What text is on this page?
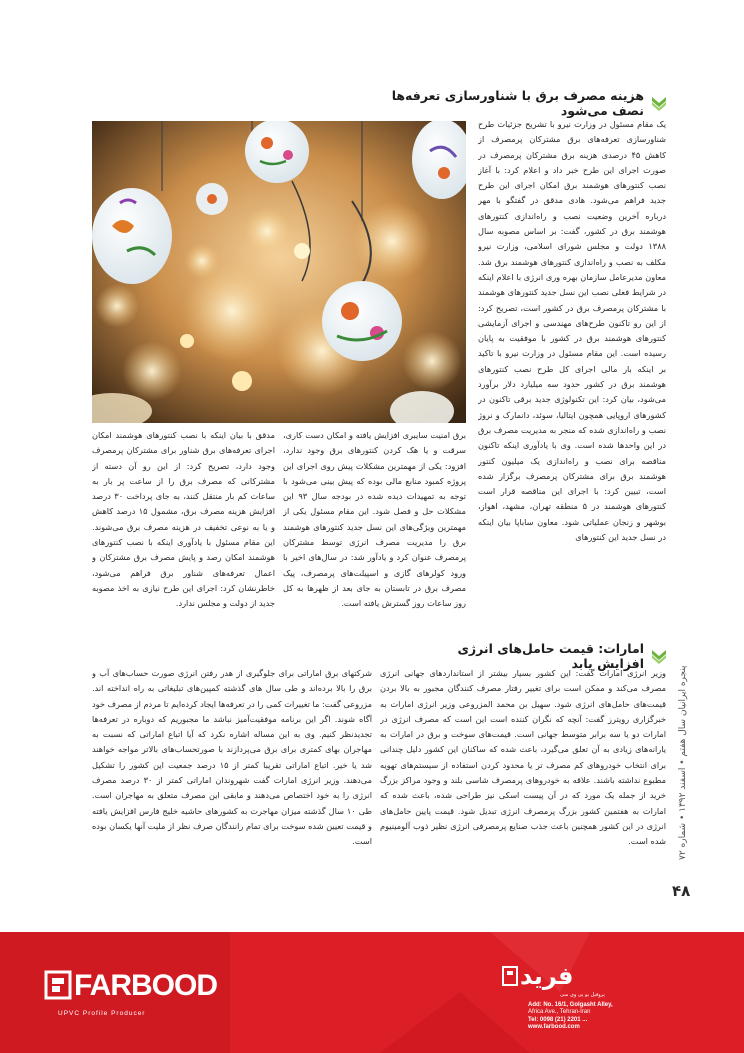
هزینه مصرف برق با شناورسازی تعرفه‌ها نصف می‌شود

یک مقام مسئول در وزارت نیرو با تشریح جزئیات طرح شناورسازی تعرفه‌های برق مشترکان پرمصرف از کاهش ۴۵ درصدی هزینه برق مشترکان پرمصرف در صورت اجرای این طرح خبر داد و اعلام کرد: با آغاز نصب کنتورهای هوشمند برق امکان اجرای این طرح جدید فراهم می‌شود. هادی مدقق در گفتگو با مهر درباره آخرین وضعیت نصب و راه‌اندازی کنتورهای هوشمند برق در کشور، گفت: بر اساس مصوبه سال ۱۳۸۸ دولت و مجلس شورای اسلامی، وزارت نیرو مکلف به نصب و راه‌اندازی کنتورهای هوشمند برق شد. معاون مدیرعامل سازمان بهره وری انرژی با اعلام اینکه در شرایط فعلی نصب این نسل جدید کنتورهای هوشمند با مشترکان پرمصرف برق در کشور است، تصریح کرد: از این رو تاکنون طرح‌های مهندسی و اجرای آزمایشی کنتورهای هوشمند برق در کشور با موفقیت به پایان رسیده است. این مقام مسئول در وزارت نیرو با تاکید بر اینکه بار مالی اجرای کل طرح نصب کنتورهای هوشمند برق در کشور حدود سه میلیارد دلار برآورد می‌شود، بیان کرد: این تکنولوژی جدید برقی تاکنون در کشورهای اروپایی همچون ایتالیا، سوئد، دانمارک و نروژ نصب و راه‌اندازی شده که منجر به مدیریت مصرف برق در این واحدها شده است. وی با یادآوری اینکه تاکنون مناقصه برای نصب و راه‌اندازی یک میلیون کنتور هوشمند برق برای مشترکان پرمصرف برگزار شده است، تبیین کرد: با اجرای این مناقصه قرار است کنتورهای هوشمند در ۵ منطقه تهران، مشهد، اهواز، بوشهر و زنجان عملیاتی شود. معاون ساباپا بیان اینکه در نسل جدید این کنتورهای

برق امنیت سایبری افزایش یافته و امکان دست کاری، سرقت و یا هک کردن کنتورهای برق وجود ندارد، افزود: یکی از مهمترین مشکلات پیش روی اجرای این پروژه کمبود منابع مالی بوده که پیش بینی می‌شود با توجه به تمهیدات دیده شده در بودجه سال ۹۳ این مشکلات حل و فصل شود. این مقام مسئول یکی از مهمترین ویژگی‌های این نسل جدید کنتورهای هوشمند برق را مدیریت مصرف انرژی توسط مشترکان پرمصرف عنوان کرد و یادآور شد: در سال‌های اخیر با ورود کولرهای گازی و اسپیلت‌های پرمصرف، پیک مصرف برق در تابستان به جای بعد از ظهرها به کل روز ساعات روز گسترش یافته است.

مدقق با بیان اینکه با نصب کنتورهای هوشمند امکان اجرای تعرفه‌های برق شناور برای مشترکان پرمصرف وجود دارد، تصریح کرد: از این رو آن دسته از مشترکانی که مصرف برق را از ساعت پر بار به ساعات کم بار منتقل کنند، به جای پرداخت ۳۰ درصد افزایش هزینه مصرف برق، مشمول ۱۵ درصد کاهش و یا به نوعی تخفیف در هزینه مصرف برق می‌شوند. این مقام مسئول با یادآوری اینکه با نصب کنتورهای هوشمند امکان رصد و پایش مصرف برق مشترکان و اعمال تعرفه‌های شناور برق فراهم می‌شود، خاطرنشان کرد: اجرای این طرح نیازی به اخذ مصوبه جدید از دولت و مجلس ندارد.

امارات: قیمت حامل‌های انرژی افزایش یابد

وزیر انرژی امارات گفت: این کشور بسیار بیشتر از استانداردهای جهانی انرژی مصرف می‌کند و ممکن است برای تغییر رفتار مصرف کنندگان مجبور به بالا بردن قیمت‌های حامل‌های انرژی شود. سهیل بن محمد المزروعی وزیر انرژی امارات به خبرگزاری رویترز گفت: آنچه که نگران کننده است این است که مصرف انرژی در امارات دو یا سه برابر متوسط جهانی است. قیمت‌های سوخت و برق در امارات به یارانه‌های زیادی به آن تعلق می‌گیرد، باعث شده که ساکنان این کشور دلیل چندانی برای انتخاب خودروهای کم مصرف تر یا محدود کردن استفاده از سیستم‌های تهویه مطبوع نداشته باشند. علاقه به خودروهای پرمصرف شاسی بلند و وجود مراکز بزرگ خرید از جمله یک مورد که در آن پیست اسکی نیز طراحی شده، باعث شده که امارات به هفتمین کشور بزرگ پرمصرف انرژی تبدیل شود. قیمت پایین حامل‌های انرژی در این کشور همچنین باعث جذب صنایع پرمصرفی انرژی نظیر ذوب آلومینیوم شده است.

شرکتهای برق اماراتی برای جلوگیری از هدر رفتن انرژی صورت حساب‌های آب و برق را بالا برده‌اند و طی سال های گذشته کمپین‌های تبلیغاتی به راه انداخته اند. مزروعی گفت: ما تغییرات کمی را در تعرفه‌ها ایجاد کرده‌ایم تا مردم از مصرف خود آگاه شوند. اگر این برنامه موفقیت‌آمیز نباشد ما مجبوریم که دوباره در تعرفه‌ها تجدیدنظر کنیم. وی به این مساله اشاره نکرد که آیا اتباع اماراتی که نسبت به مهاجران بهای کمتری برای برق می‌پردازند با صورتحساب‌های بالاتر مواجه خواهند شد یا خیر. اتباع اماراتی تقریبا کمتر از ۱۵ درصد جمعیت این کشور را تشکیل می‌دهند. وزیر انرژی امارات گفت شهروندان اماراتی کمتر از ۳۰ درصد مصرف انرژی را به خود اختصاص می‌دهند و مابقی این مصرف متعلق به مهاجران است. طی ۱۰ سال گذشته میزان مهاجرت به کشورهای حاشیه خلیج فارس افزایش یافته و قیمت تعیین شده سوخت برای تمام رانندگان صرف نظر از ملیت آنها یکسان بوده است.

پنجره ایرانیان سال هفتم • اسفند ۱۳۹۲ • شماره ۷۲
۴۸
FARBOOD
UPVC Profile Producer
فرید
پروفیل یو پی وی سی
Add: No. 16/1, Golgasht Alley,
Africa Ave., Tehran-Iran
Tel: 0098 (21) 2201 ...
www.farbood.com
